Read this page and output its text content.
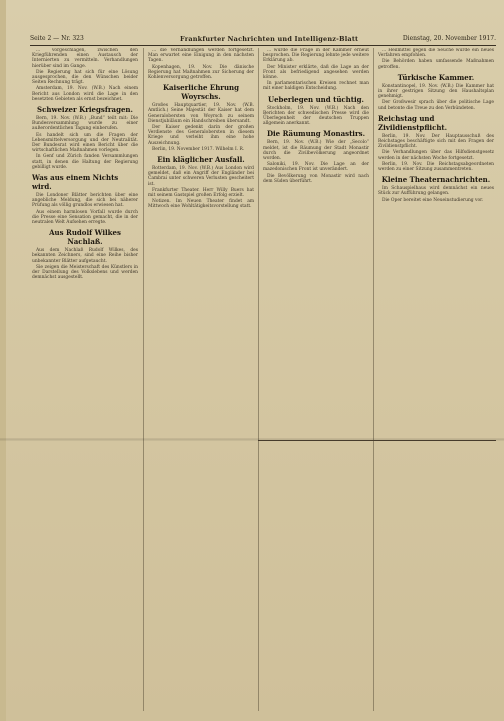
Seite 2 — Nr. 323	Frankfurter Nachrichten und Intelligenz-Blatt	Dienstag, 20. November 1917.

... vorgeschlagen, zwischen den Kriegführenden einen Austausch der Internierten zu vermitteln. Verhandlungen hierüber sind im Gange.

Die Regierung hat sich für eine Lösung ausgesprochen, die den Wünschen beider Seiten Rechnung trägt.

Amsterdam, 19. Nov. (W.B.) Nach einem Bericht aus London wird die Lage in den besetzten Gebieten als ernst bezeichnet.

Schweizer Kriegsfragen.

Bern, 19. Nov. (W.B.) „Bund“ teilt mit: Die Bundesversammlung wurde zu einer außerordentlichen Tagung einberufen.

Es handelt sich um die Fragen der Lebensmittelversorgung und der Neutralität. Der Bundesrat wird einen Bericht über die wirtschaftlichen Maßnahmen vorlegen.

In Genf und Zürich fanden Versammlungen statt, in denen die Haltung der Regierung gebilligt wurde.

Was aus einem Nichts wird.

Die Londoner Blätter berichten über eine angebliche Meldung, die sich bei näherer Prüfung als völlig grundlos erwiesen hat.

Aus einem harmlosen Vorfall wurde durch die Presse eine Sensation gemacht, die in der neutralen Welt Aufsehen erregte.

Aus Rudolf Wilkes Nachlaß.

Aus dem Nachlaß Rudolf Wilkes, des bekannten Zeichners, sind eine Reihe bisher unbekannter Blätter aufgetaucht.

Sie zeigen die Meisterschaft des Künstlers in der Darstellung des Volkslebens und werden demnächst ausgestellt.

... die Verhandlungen werden fortgesetzt. Man erwartet eine Einigung in den nächsten Tagen.

Kopenhagen, 19. Nov. Die dänische Regierung hat Maßnahmen zur Sicherung der Kohlenversorgung getroffen.

Kaiserliche Ehrung Woyrschs.

Großes Hauptquartier, 19. Nov. (W.B. Amtlich.) Seine Majestät der Kaiser hat dem Generalobersten von Woyrsch zu seinem Dienstjubiläum ein Handschreiben übersandt.

Der Kaiser gedenkt darin der großen Verdienste des Generalobersten in diesem Kriege und verleiht ihm eine hohe Auszeichnung.

Berlin, 19. November 1917. Wilhelm I. R.

Ein kläglicher Ausfall.

Rotterdam, 19. Nov. (W.B.) Aus London wird gemeldet, daß ein Angriff der Engländer bei Cambrai unter schweren Verlusten gescheitert ist.

Frankfurter Theater. Herr Willy Buers hat mit seinem Gastspiel großen Erfolg erzielt.

Notizen. Im Neuen Theater findet am Mittwoch eine Wohltätigkeitsvorstellung statt.

... wurde die Frage in der Kammer erneut besprochen. Die Regierung lehnte jede weitere Erklärung ab.

Der Minister erklärte, daß die Lage an der Front als befriedigend angesehen werden könne.

In parlamentarischen Kreisen rechnet man mit einer baldigen Entscheidung.

Ueberlegen und tüchtig.

Stockholm, 19. Nov. (W.B.) Nach den Berichten der schwedischen Presse wird die Überlegenheit der deutschen Truppen allgemein anerkannt.

Die Räumung Monastirs.

Bern, 19. Nov. (W.B.) Wie der „Secolo“ meldet, ist die Räumung der Stadt Monastir durch die Zivilbevölkerung angeordnet worden.

Saloniki, 19. Nov. Die Lage an der mazedonischen Front ist unverändert.

Die Bevölkerung von Monastir wird nach dem Süden überführt.

... Heilmittel gegen die Seuche wurde ein neues Verfahren empfohlen.

Die Behörden haben umfassende Maßnahmen getroffen.

Türkische Kammer.

Konstantinopel, 19. Nov. (W.B.) Die Kammer hat in ihrer gestrigen Sitzung den Haushaltsplan genehmigt.

Der Großwesir sprach über die politische Lage und betonte die Treue zu den Verbündeten.

Reichstag und Zivildienstpflicht.

Berlin, 19. Nov. Der Hauptausschuß des Reichstages beschäftigte sich mit den Fragen der Zivildienstpflicht.

Die Verhandlungen über das Hilfsdienstgesetz werden in der nächsten Woche fortgesetzt.

Berlin, 19. Nov. Die Reichstagsabgeordneten werden zu einer Sitzung zusammentreten.

Kleine Theaternachrichten.

Im Schauspielhaus wird demnächst ein neues Stück zur Aufführung gelangen.

Die Oper bereitet eine Neueinstudierung vor.
